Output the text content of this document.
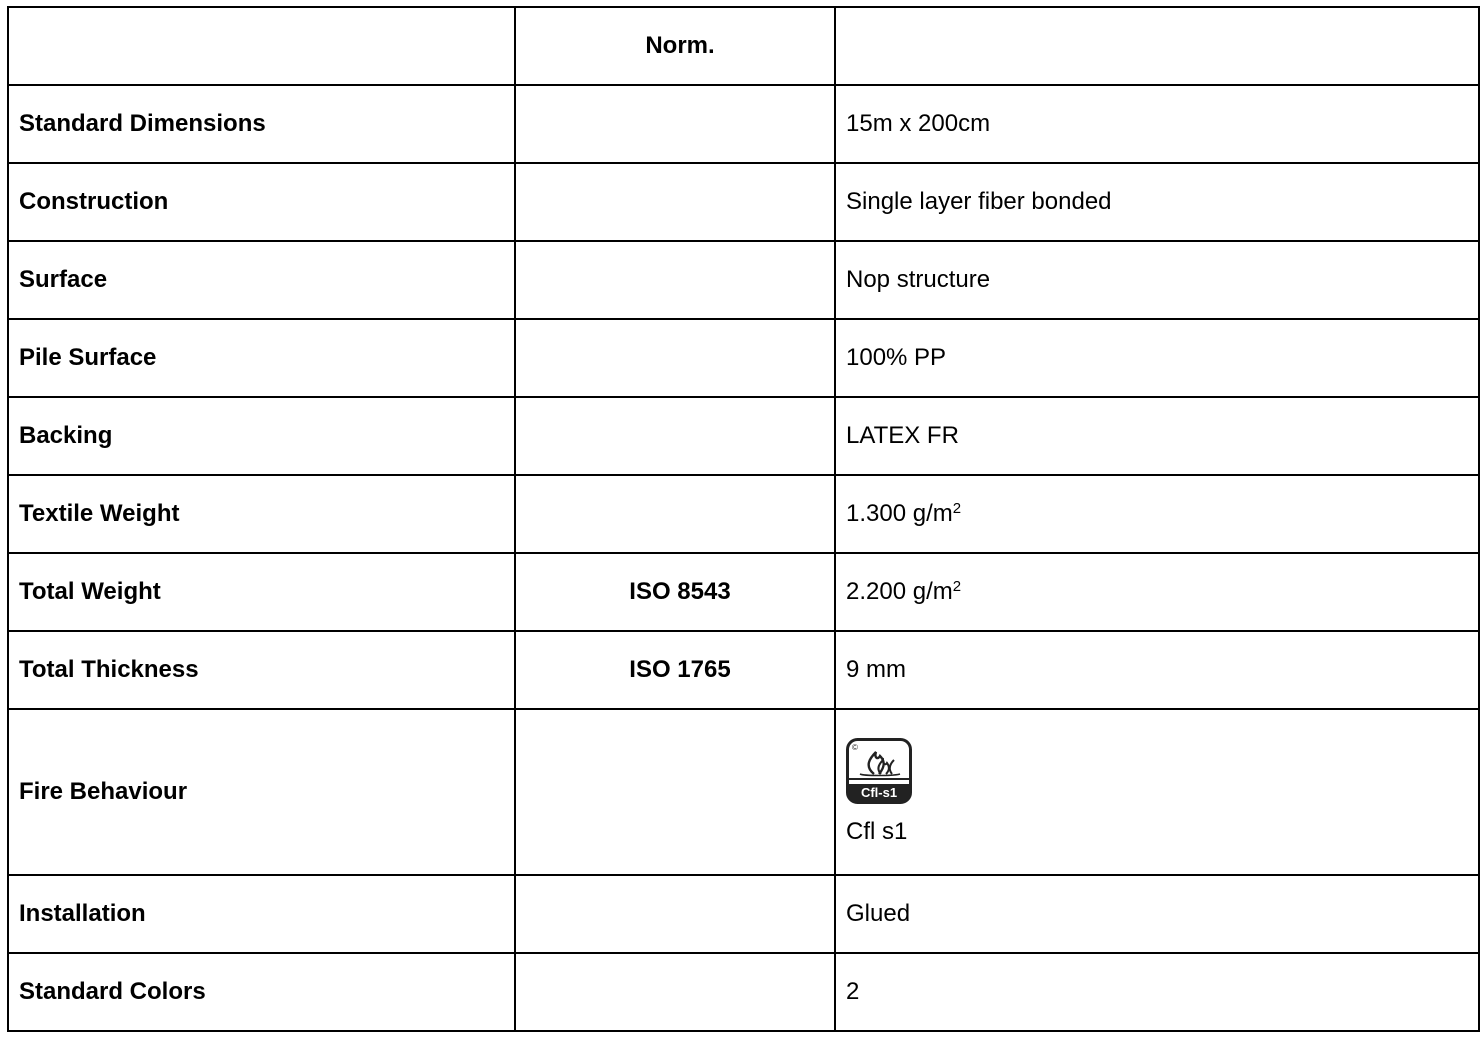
	Norm.	
Standard Dimensions		15m x 200cm
Construction		Single layer fiber bonded
Surface		Nop structure
Pile Surface		100% PP
Backing		LATEX FR
Textile Weight		1.300 $g/m^2$
Total Weight	ISO 8543	2.200 $g/m^2$
Total Thickness	ISO 1765	9 mm
Fire Behaviour		©
Cfl-s1
Cfl s1

Installation		Glued
Standard Colors		2
